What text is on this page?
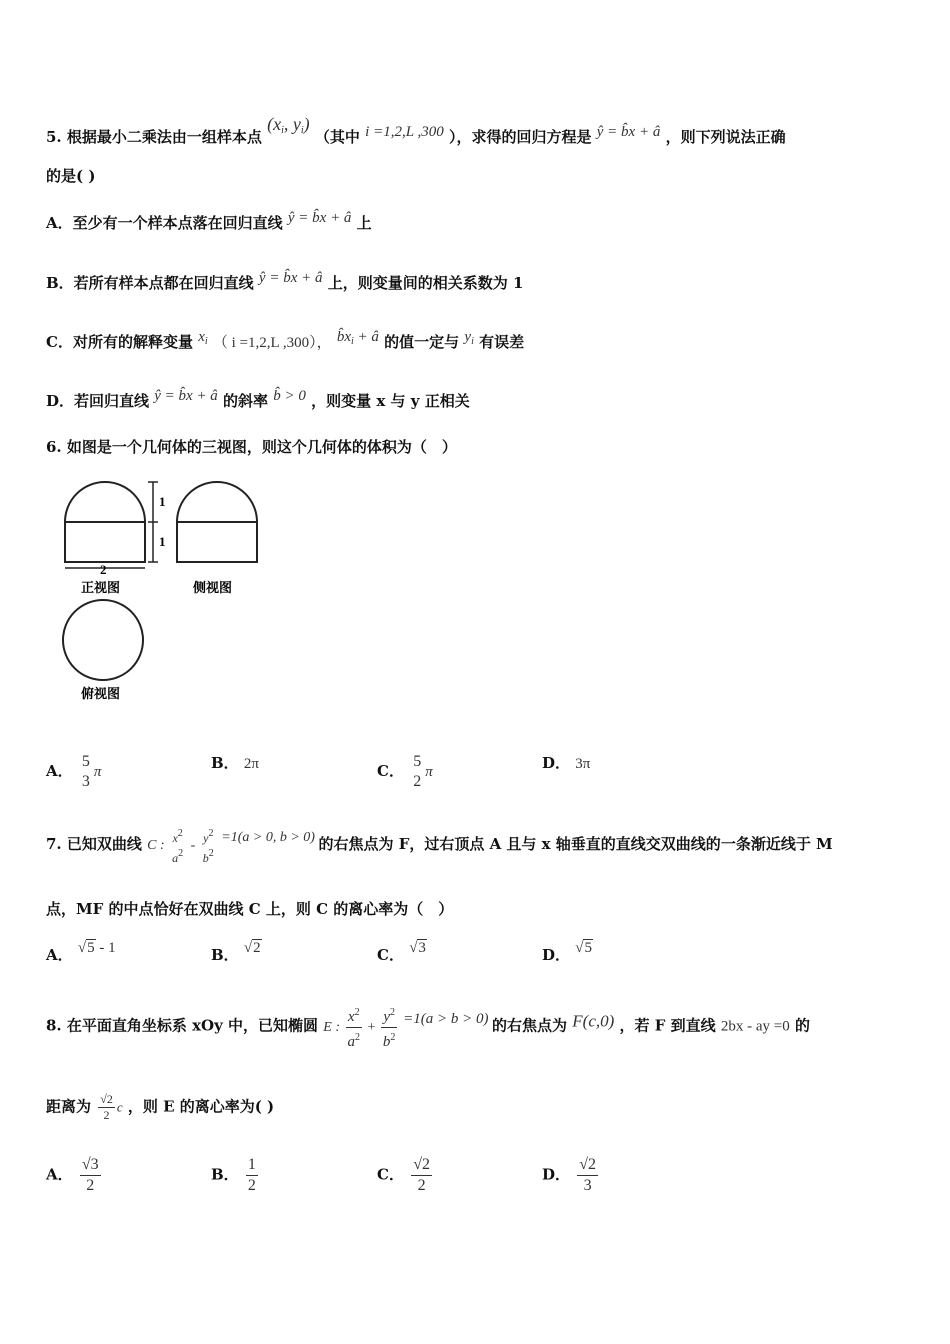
5. 根据最小二乘法由一组样本点 ($x_i$, $y_i$) （其中 i =1,2,L ,300 ），求得的回归方程是 ŷ = b̂x + â ，则下列说法正确
的是( )
A．至少有一个样本点落在回归直线 ŷ = b̂x + â 上
B．若所有样本点都在回归直线 ŷ = b̂x + â 上，则变量间的相关系数为 1
C．对所有的解释变量 $x_i$ （ i =1,2,L ,300）， $b̂x_i$ + â 的值一定与 $y_i$ 有误差
D．若回归直线 ŷ = b̂x + â 的斜率 b̂ > 0 ，则变量 x 与 y 正相关
6. 如图是一个几何体的三视图，则这个几何体的体积为（　）
1
1
2
正视图	侧视图
俯视图
A．
5
3
π	B． 2π	C．
5
2
π	D． 3π
7. 已知双曲线 C :
$x^2$
$a^2$
-
$y^2$
$b^2$
=1(a > 0, b > 0) 的右焦点为 F，过右顶点 A 且与 x 轴垂直的直线交双曲线的一条渐近线于 M
点，MF 的中点恰好在双曲线 C 上，则 C 的离心率为（　）
A． √5 - 1	B． √2	C． √3	D． √5
8. 在平面直角坐标系 xOy 中，已知椭圆 E : $\frac{x^2}{a^2} + \frac{y^2}{b^2} =1(a > b > 0)$ 的右焦点为 F(c,0) ，若 F 到直线 2bx - ay =0 的
距离为 $\frac{√2}{2}$ c ，则 E 的离心率为( )
A． $\frac{√3}{2}$	B． $\frac{1}{2}$	C． $\frac{√2}{2}$	D． $\frac{√2}{3}$
